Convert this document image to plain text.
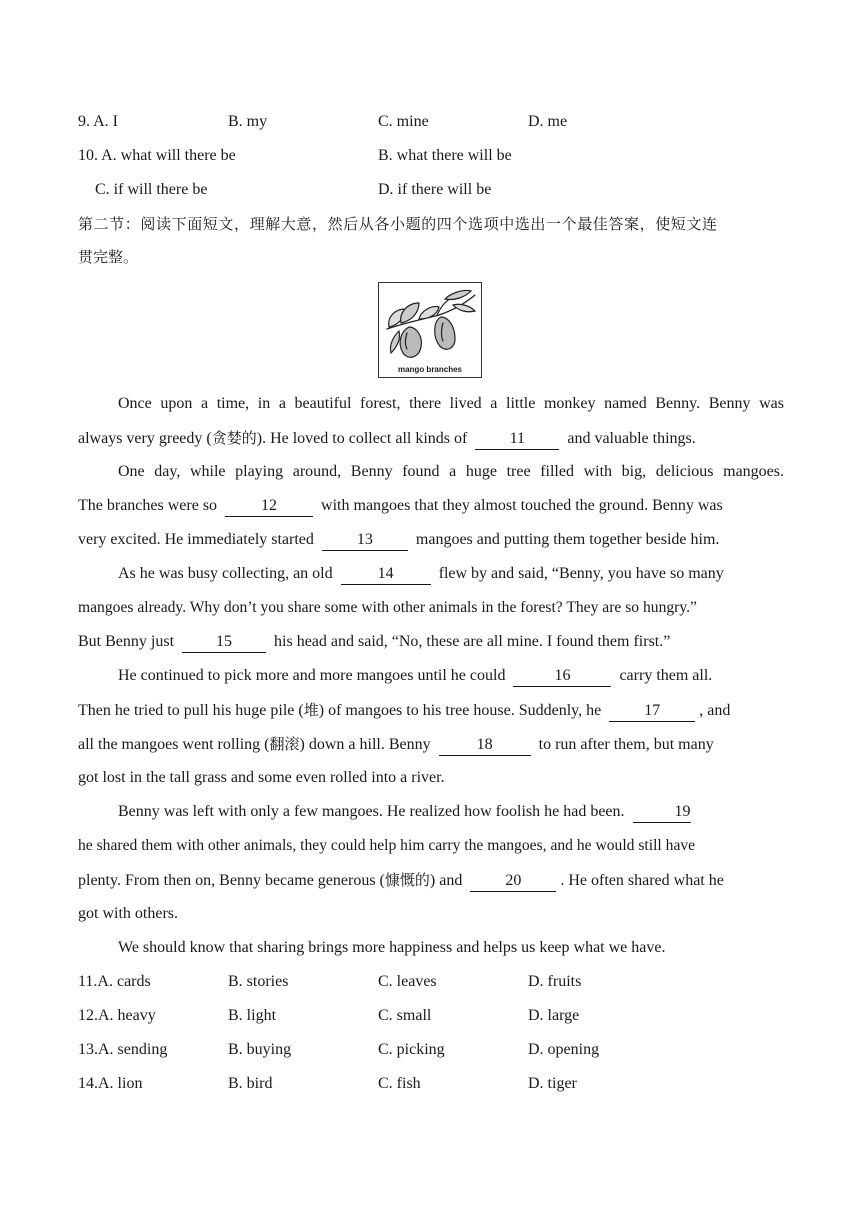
9. A. I	B. my	C. mine	D. me
10. A. what will there be	B. what there will be
C. if will there be	D. if there will be
第二节：阅读下面短文，理解大意，然后从各小题的四个选项中选出一个最佳答案，使短文连
贯完整。
mango branches
Once upon a time, in a beautiful forest, there lived a little monkey named Benny. Benny was
always very greedy (贪婪的). He loved to collect all kinds of	11	and valuable things.
One day, while playing around, Benny found a huge tree filled with big, delicious mangoes.
The branches were so	12	with mangoes that they almost touched the ground. Benny was
very excited. He immediately started	13	mangoes and putting them together beside him.
As he was busy collecting, an old	14	flew by and said, “Benny, you have so many
mangoes already. Why don’t you share some with other animals in the forest? They are so hungry.”
But Benny just	15	his head and said, “No, these are all mine. I found them first.”
He continued to pick more and more mangoes until he could	16	carry them all.
Then he tried to pull his huge pile (堆) of mangoes to his tree house. Suddenly, he	17 , and
all the mangoes went rolling (翻滚) down a hill. Benny	18	to run after them, but many
got lost in the tall grass and some even rolled into a river.
Benny was left with only a few mangoes. He realized how foolish he had been.	19
he shared them with other animals, they could help him carry the mangoes, and he would still have
plenty. From then on, Benny became generous (慷慨的) and	20 . He often shared what he
got with others.
We should know that sharing brings more happiness and helps us keep what we have.
11.A. cards	B. stories	C. leaves	D. fruits
12.A. heavy	B. light	C. small	D. large
13.A. sending	B. buying	C. picking	D. opening
14.A. lion	B. bird	C. fish	D. tiger
